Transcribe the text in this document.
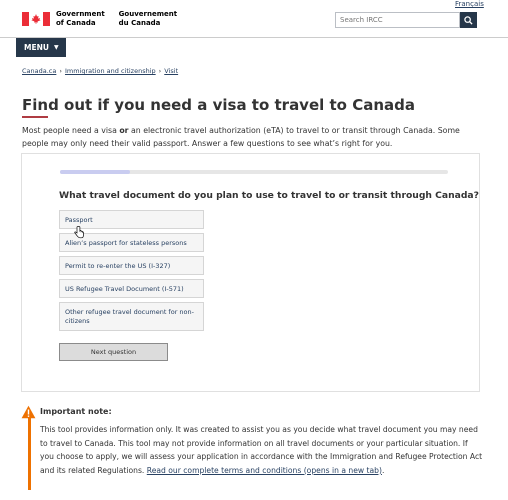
Français
Government
of Canada
Gouvernement
du Canada
Search IRCC
MENU ▼
Canada.ca › Immigration and citizenship › Visit
Find out if you need a visa to travel to Canada

Most people need a visa or an electronic travel authorization (eTA) to travel to or transit through Canada. Some people may only need their valid passport. Answer a few questions to see what’s right for you.

What travel document do you plan to use to travel to or transit through Canada?
Passport
Alien’s passport for stateless persons
Permit to re-enter the US (I-327)
US Refugee Travel Document (I-571)
Other refugee travel document for non-citizens
Next question
Important note:

This tool provides information only. It was created to assist you as you decide what travel document you may need to travel to Canada. This tool may not provide information on all travel documents or your particular situation. If you choose to apply, we will assess your application in accordance with the Immigration and Refugee Protection Act and its related Regulations. Read our complete terms and conditions (opens in a new tab).
